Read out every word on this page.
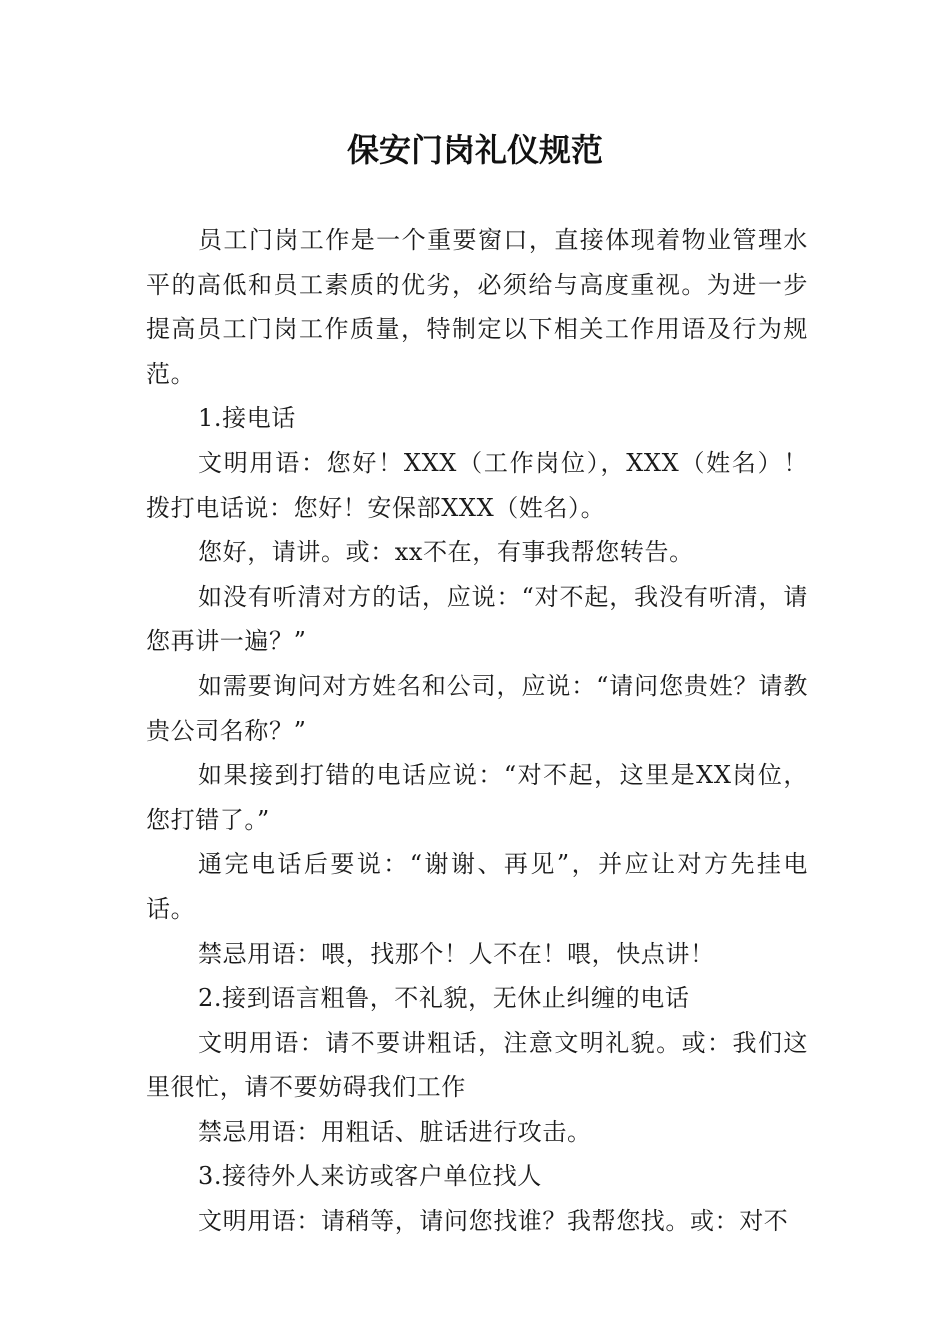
保安门岗礼仪规范

员工门岗工作是一个重要窗口，直接体现着物业管理水平的高低和员工素质的优劣，必须给与高度重视。为进一步提高员工门岗工作质量，特制定以下相关工作用语及行为规范。

1.接电话

文明用语：您好！XXX（工作岗位），XXX（姓名）！拨打电话说：您好！安保部XXX（姓名）。

您好，请讲。或：xx不在，有事我帮您转告。

如没有听清对方的话，应说：“对不起，我没有听清，请您再讲一遍？”

如需要询问对方姓名和公司，应说：“请问您贵姓？请教贵公司名称？”

如果接到打错的电话应说：“对不起，这里是XX岗位，您打错了。”

通完电话后要说：“谢谢、再见”，并应让对方先挂电话。

禁忌用语：喂，找那个！人不在！喂，快点讲！

2.接到语言粗鲁，不礼貌，无休止纠缠的电话

文明用语：请不要讲粗话，注意文明礼貌。或：我们这里很忙，请不要妨碍我们工作

禁忌用语：用粗话、脏话进行攻击。

3.接待外人来访或客户单位找人

文明用语：请稍等，请问您找谁？我帮您找。或：对不
